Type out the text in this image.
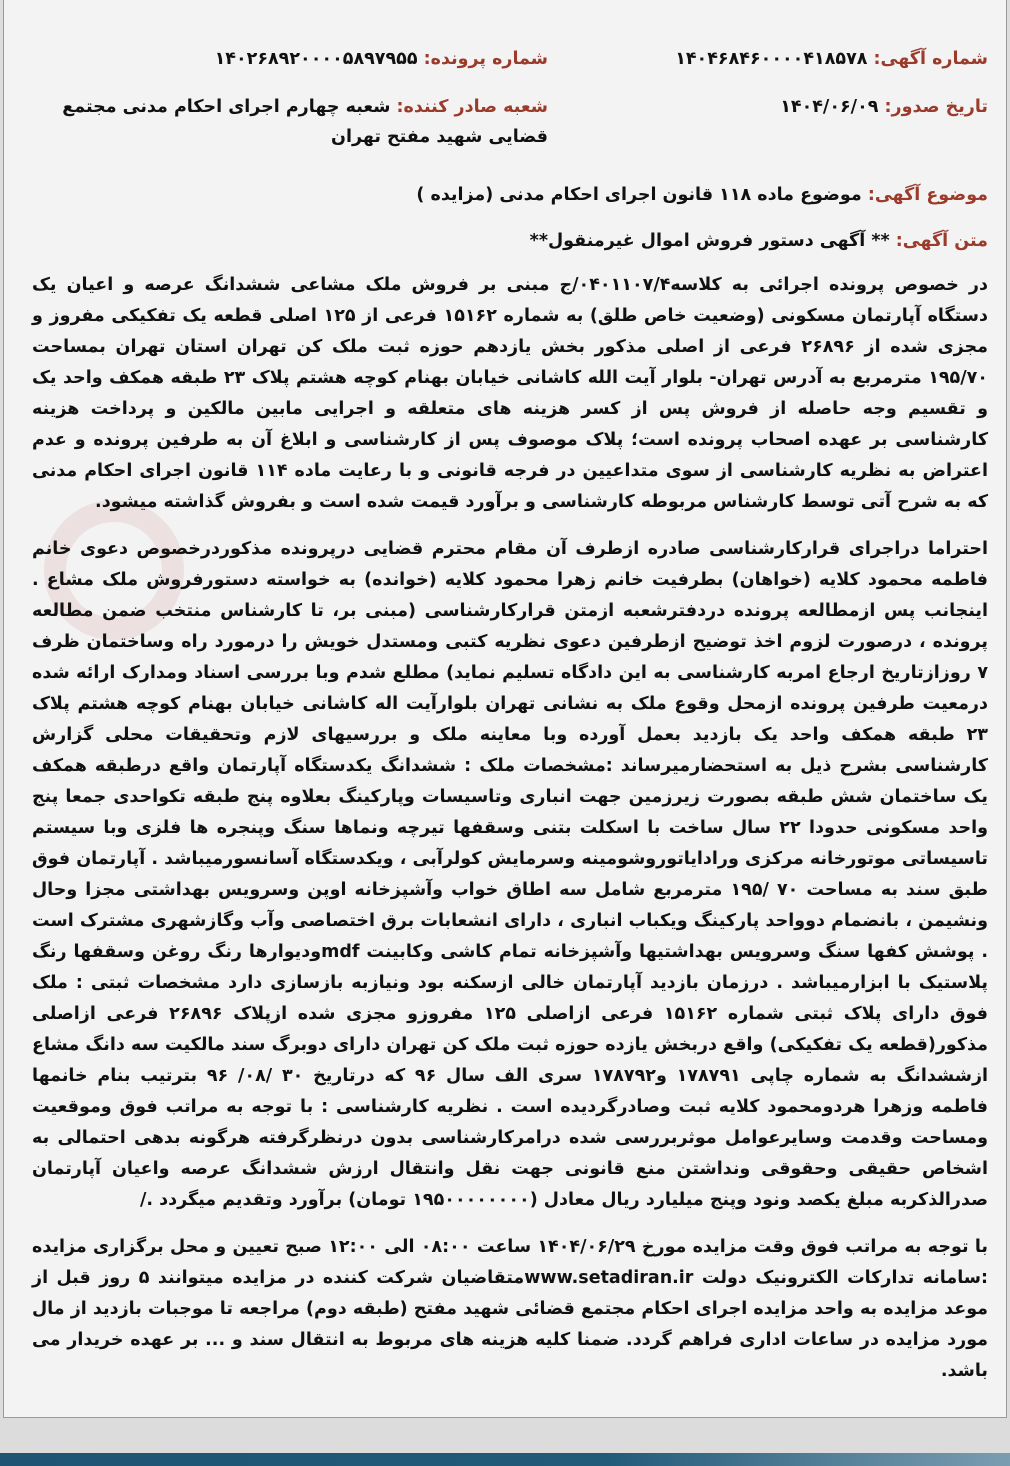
شماره آگهی: ۱۴۰۴۶۸۴۶۰۰۰۰۴۱۸۵۷۸
شماره پرونده: ۱۴۰۲۶۸۹۲۰۰۰۰۵۸۹۷۹۵۵
تاریخ صدور: ۱۴۰۴/۰۶/۰۹
شعبه صادر کننده: شعبه چهارم اجرای احکام مدنی مجتمع قضایی شهید مفتح تهران
موضوع آگهی: موضوع ماده ۱۱۸ قانون اجرای احکام مدنی (مزایده )
متن آگهی: ** آگهی دستور فروش اموال غیرمنقول**

در خصوص پرونده اجرائی به کلاسه۰۴۰۱۱۰۷/۴/ج مبنی بر فروش ملک مشاعی ششدانگ عرصه و اعیان یک دستگاه آپارتمان مسکونی (وضعیت خاص طلق) به شماره ۱۵۱۶۲ فرعی از ۱۲۵ اصلی قطعه یک تفکیکی مفروز و مجزی شده از ۲۶۸۹۶ فرعی از اصلی مذکور بخش یازدهم حوزه ثبت ملک کن تهران استان تهران بمساحت ۱۹۵/۷۰ مترمربع به آدرس تهران- بلوار آیت الله کاشانی خیابان بهنام کوچه هشتم پلاک ۲۳ طبقه همکف واحد یک و تقسیم وجه حاصله از فروش پس از کسر هزینه های متعلقه و اجرایی مابین مالکین و پرداخت هزینه کارشناسی بر عهده اصحاب پرونده است؛ پلاک موصوف پس از کارشناسی و ابلاغ آن به طرفین پرونده و عدم اعتراض به نظریه کارشناسی از سوی متداعیین در فرجه قانونی و با رعایت ماده ۱۱۴ قانون اجرای احکام مدنی که به شرح آتی توسط کارشناس مربوطه کارشناسی و برآورد قیمت شده است و بفروش گذاشته میشود.

احتراما دراجرای قرارکارشناسی صادره ازطرف آن مقام محترم قضایی درپرونده مذکوردرخصوص دعوی خانم فاطمه محمود کلایه (خواهان) بطرفیت خانم زهرا محمود کلایه (خوانده) به خواسته دستورفروش ملک مشاع . اینجانب پس ازمطالعه پرونده دردفترشعبه ازمتن قرارکارشناسی (مبنی بر، تا کارشناس منتخب ضمن مطالعه پرونده ، درصورت لزوم اخذ توضیح ازطرفین دعوی نظریه کتبی ومستدل خویش را درمورد راه وساختمان ظرف ۷ روزازتاریخ ارجاع امربه کارشناسی به این دادگاه تسلیم نماید) مطلع شدم وبا بررسی اسناد ومدارک ارائه شده درمعیت طرفین پرونده ازمحل وقوع ملک به نشانی تهران بلوارآیت اله کاشانی خیابان بهنام کوچه هشتم پلاک ۲۳ طبقه همکف واحد یک بازدید بعمل آورده وبا معاینه ملک و بررسیهای لازم وتحقیقات محلی گزارش کارشناسی بشرح ذیل به استحضارمیرساند :مشخصات ملک : ششدانگ یکدستگاه آپارتمان واقع درطبقه همکف یک ساختمان شش طبقه بصورت زیرزمین جهت انباری وتاسیسات وپارکینگ بعلاوه پنج طبقه تکواحدی جمعا پنج واحد مسکونی حدودا ۲۲ سال ساخت با اسکلت بتنی وسقفها تیرچه ونماها سنگ وپنجره ها فلزی وبا سیستم تاسیساتی موتورخانه مرکزی وراداياتوروشومینه وسرمایش کولرآبی ، ویکدستگاه آسانسورمیباشد . آپارتمان فوق طبق سند به مساحت ۷۰ /۱۹۵ مترمربع شامل سه اطاق خواب وآشپزخانه اوپن وسرویس بهداشتی مجزا وحال ونشیمن ، بانضمام دوواحد پارکینگ ویکباب انباری ، دارای انشعابات برق اختصاصی وآب وگازشهری مشترک است . پوشش کفها سنگ وسرویس بهداشتیها وآشپزخانه تمام کاشی وکابینت mdfودیوارها رنگ روغن وسقفها رنگ پلاستیک با ابزارمیباشد . درزمان بازدید آپارتمان خالی ازسکنه بود ونیازبه بازسازی دارد مشخصات ثبتی : ملک فوق دارای پلاک ثبتی شماره ۱۵۱۶۲ فرعی ازاصلی ۱۲۵ مفروزو مجزی شده ازپلاک ۲۶۸۹۶ فرعی ازاصلی مذکور(قطعه یک تفکیکی) واقع دربخش یازده حوزه ثبت ملک کن تهران دارای دوبرگ سند مالکیت سه دانگ مشاع ازششدانگ به شماره چاپی ۱۷۸۷۹۱ و۱۷۸۷۹۲ سری الف سال ۹۶ که درتاریخ ۳۰ /۰۸/ ۹۶ بترتیب بنام خانمها فاطمه وزهرا هردومحمود کلایه ثبت وصادرگردیده است . نظریه کارشناسی : با توجه به مراتب فوق وموقعیت ومساحت وقدمت وسایرعوامل موثربررسی شده درامرکارشناسی بدون درنظرگرفته هرگونه بدهی احتمالی به اشخاص حقیقی وحقوقی ونداشتن منع قانونی جهت نقل وانتقال ارزش ششدانگ عرصه واعیان آپارتمان صدرالذکربه مبلغ یکصد ونود وپنج میلیارد ریال معادل (۱۹۵۰۰۰۰۰۰۰۰ تومان) برآورد وتقدیم میگردد ./

با توجه به مراتب فوق وقت مزایده مورخ ۱۴۰۴/۰۶/۲۹ ساعت ۰۸:۰۰ الی ۱۲:۰۰ صبح تعیین و محل برگزاری مزایده :سامانه تدارکات الکترونیک دولت www.setadiran.irمتقاضیان شرکت کننده در مزایده میتوانند ۵ روز قبل از موعد مزایده به واحد مزایده اجرای احکام مجتمع قضائی شهید مفتح (طبقه دوم) مراجعه تا موجبات بازدید از مال مورد مزایده در ساعات اداری فراهم گردد. ضمنا کلیه هزینه های مربوط به انتقال سند و ... بر عهده خریدار می باشد.
